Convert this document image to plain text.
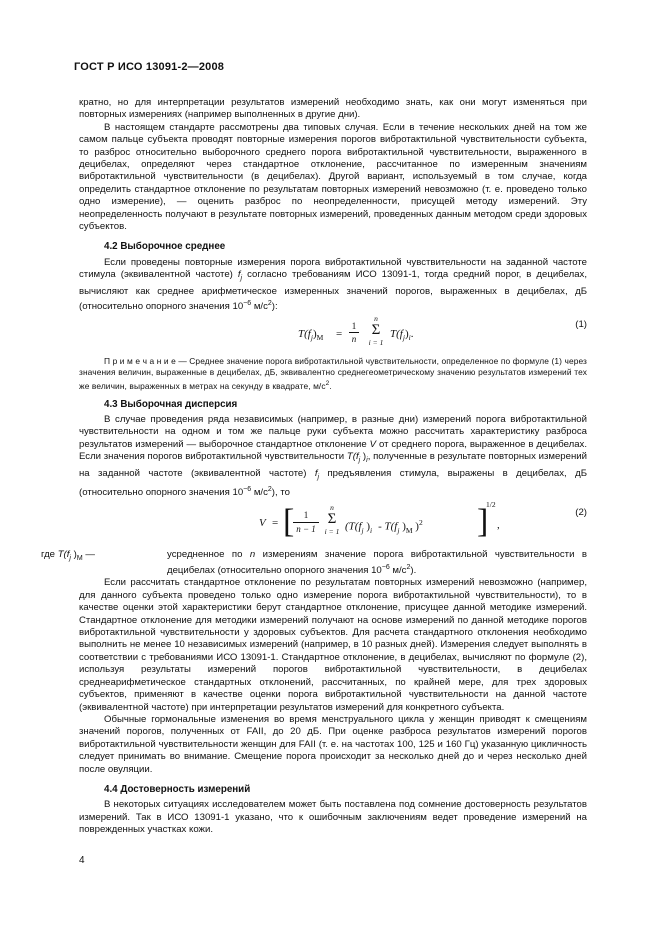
ГОСТ Р ИСО 13091-2—2008

кратно, но для интерпретации результатов измерений необходимо знать, как они могут изменяться при повторных измерениях (например выполненных в другие дни).

В настоящем стандарте рассмотрены два типовых случая. Если в течение нескольких дней на том же самом пальце субъекта проводят повторные измерения порогов вибротактильной чувствительности субъекта, то разброс относительно выборочного среднего порога вибротактильной чувствительности, выраженного в децибелах, определяют через стандартное отклонение, рассчитанное по измеренным значениям вибротактильной чувствительности (в децибелах). Другой вариант, используемый в том случае, когда определить стандартное отклонение по результатам повторных измерений невозможно (т. е. проведено только одно измерение), — оценить разброс по неопределенности, присущей методу измерений. Эту неопределенность получают в результате повторных измерений, проведенных данным методом среди здоровых субъектов.

4.2 Выборочное среднее

Если проведены повторные измерения порога вибротактильной чувствительности на заданной частоте стимула (эквивалентной частоте) $f_j$ согласно требованиям ИСО 13091-1, тогда средний порог, в децибелах, вычисляют как среднее арифметическое измеренных значений порогов, выраженных в децибелах, дБ (относительно опорного значения $10^{-6}$ $м/с^2$):

$T(f_j)_M$ =
1
n
n
Σ
i = 1
$T(f_j)_i$.
(1)

П р и м е ч а н и е — Среднее значение порога вибротактильной чувствительности, определенное по формуле (1) через значения величин, выраженные в децибелах, дБ, эквивалентно среднегеометрическому значению результатов измерений тех же величин, выраженных в метрах на секунду в квадрате, $м/с^2$.

4.3 Выборочная дисперсия

В случае проведения ряда независимых (например, в разные дни) измерений порога вибротактильной чувствительности на одном и том же пальце руки субъекта можно рассчитать характеристику разброса результатов измерений — выборочное стандартное отклонение V от среднего порога, выраженное в децибелах. Если значения порогов вибротактильной чувствительности $T(f_j$ )$_i$, полученные в результате повторных измерений на заданной частоте (эквивалентной частоте) $f_j$ предъявления стимула, выражены в децибелах, дБ (относительно опорного значения $10^{-6}$ $м/с^2$), то

V = [	1
n − 1
n
Σ
i = 1 ($T(f_j$ )$_i - T(f_j$ )$_M$ )$^2$ ]
1/2
,
(2)
где $T(f_j$ )$_M$ —	усредненное по n измерениям значение порога вибротактильной чувствительности в децибелах (относительно опорного значения $10^{-6}$ $м/с^2$).

Если рассчитать стандартное отклонение по результатам повторных измерений невозможно (например, для данного субъекта проведено только одно измерение порога вибротактильной чувствительности), то в качестве оценки этой характеристики берут стандартное отклонение, присущее данной методике измерений. Стандартное отклонение для методики измерений получают на основе измерений по данной методике порогов вибротактильной чувствительности у здоровых субъектов. Для расчета стандартного отклонения необходимо выполнить не менее 10 независимых измерений (например, в 10 разных дней). Измерения следует выполнять в соответствии с требованиями ИСО 13091-1. Стандартное отклонение, в децибелах, вычисляют по формуле (2), используя результаты измерений порогов вибротактильной чувствительности, в децибелах среднеарифметическое стандартных отклонений, рассчитанных, по крайней мере, для трех здоровых субъектов, применяют в качестве оценки порога вибротактильной чувствительности на данной частоте (эквивалентной частоте) при интерпретации результатов измерений для конкретного субъекта.

Обычные гормональные изменения во время менструального цикла у женщин приводят к смещениям значений порогов, полученных от FAII, до 20 дБ. При оценке разброса результатов измерений порогов вибротактильной чувствительности женщин для FAII (т. е. на частотах 100, 125 и 160 Гц) указанную цикличность следует принимать во внимание. Смещение порога происходит за несколько дней до и через несколько дней после овуляции.

4.4 Достоверность измерений

В некоторых ситуациях исследователем может быть поставлена под сомнение достоверность результатов измерений. Так в ИСО 13091-1 указано, что к ошибочным заключениям ведет проведение измерений на поврежденных участках кожи.

4
